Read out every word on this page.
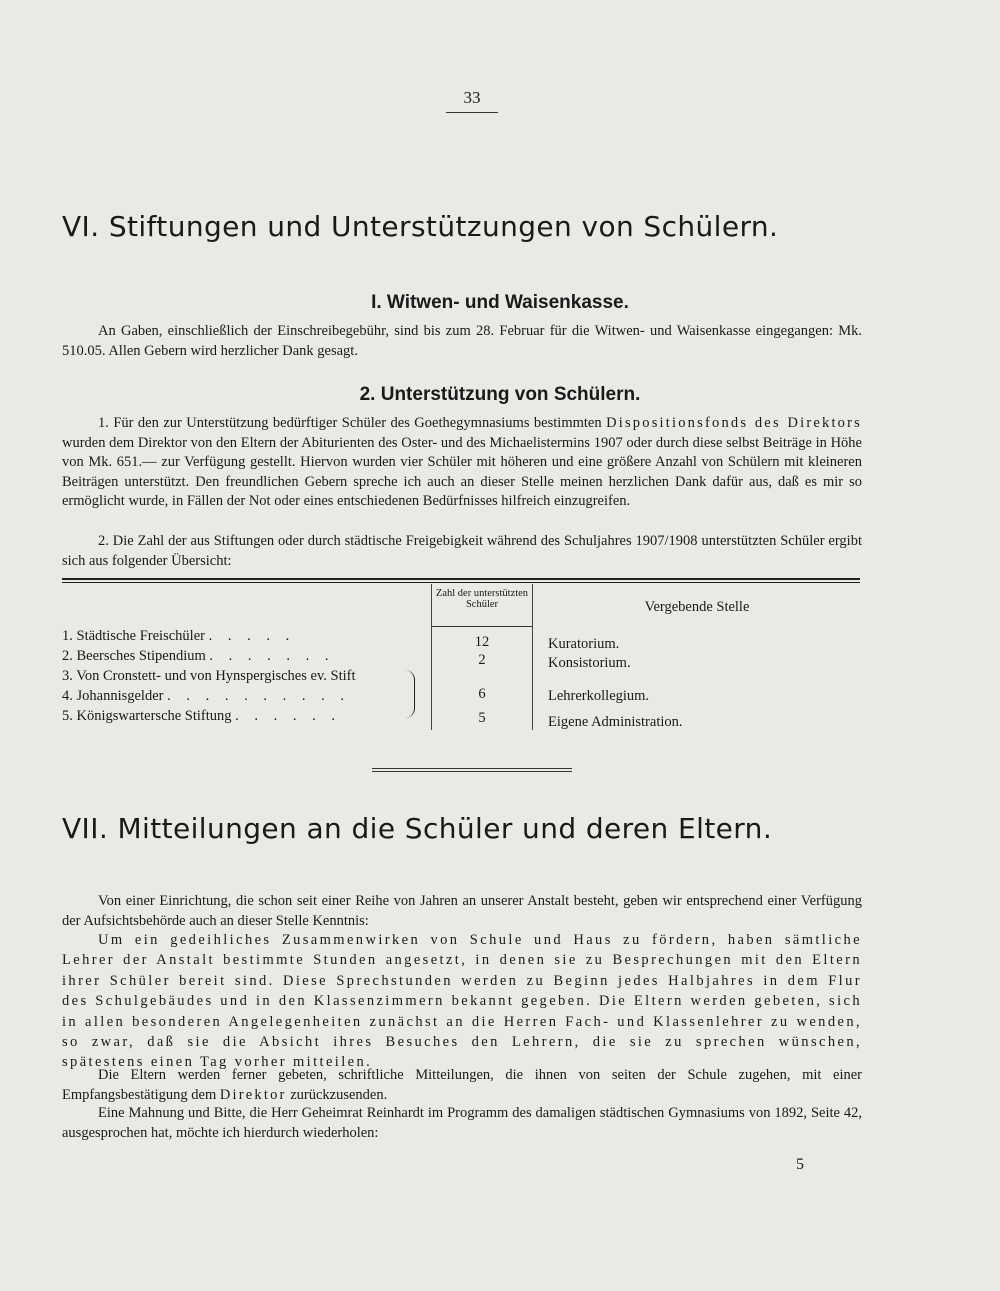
33
VI. Stiftungen und Unterstützungen von Schülern.
I. Witwen- und Waisenkasse.

An Gaben, einschließlich der Einschreibegebühr, sind bis zum 28. Februar für die Witwen- und Waisenkasse eingegangen: Mk. 510.05. Allen Gebern wird herzlicher Dank gesagt.

2. Unterstützung von Schülern.

1. Für den zur Unterstützung bedürftiger Schüler des Goethegymnasiums bestimmten Dispositionsfonds des Direktors wurden dem Direktor von den Eltern der Abiturienten des Oster- und des Michaelistermins 1907 oder durch diese selbst Beiträge in Höhe von Mk. 651.— zur Verfügung gestellt. Hiervon wurden vier Schüler mit höheren und eine größere Anzahl von Schülern mit kleineren Beiträgen unterstützt. Den freundlichen Gebern spreche ich auch an dieser Stelle meinen herzlichen Dank dafür aus, daß es mir so ermöglicht wurde, in Fällen der Not oder eines entschiedenen Bedürfnisses hilfreich einzugreifen.

2. Die Zahl der aus Stiftungen oder durch städtische Freigebigkeit während des Schuljahres 1907/1908 unterstützten Schüler ergibt sich aus folgender Übersicht:

Zahl der unterstützten Schüler	Vergebende Stelle
1. Städtische Freischüler . . . . .	12	Kuratorium.
2. Beersches Stipendium . . . . . . .	2	Konsistorium.
3. Von Cronstett- und von Hynspergisches ev. Stift
4. Johannisgelder . . . . . . . . . .	6	Lehrerkollegium.
5. Königswartersche Stiftung . . . . . .	5	Eigene Administration.
VII. Mitteilungen an die Schüler und deren Eltern.

Von einer Einrichtung, die schon seit einer Reihe von Jahren an unserer Anstalt besteht, geben wir entsprechend einer Verfügung der Aufsichtsbehörde auch an dieser Stelle Kenntnis:

Um ein gedeihliches Zusammenwirken von Schule und Haus zu fördern, haben sämtliche Lehrer der Anstalt bestimmte Stunden angesetzt, in denen sie zu Besprechungen mit den Eltern ihrer Schüler bereit sind. Diese Sprechstunden werden zu Beginn jedes Halbjahres in dem Flur des Schulgebäudes und in den Klassenzimmern bekannt gegeben. Die Eltern werden gebeten, sich in allen besonderen Angelegenheiten zunächst an die Herren Fach- und Klassenlehrer zu wenden, so zwar, daß sie die Absicht ihres Besuches den Lehrern, die sie zu sprechen wünschen, spätestens einen Tag vorher mitteilen.

Die Eltern werden ferner gebeten, schriftliche Mitteilungen, die ihnen von seiten der Schule zugehen, mit einer Empfangsbestätigung dem Direktor zurückzusenden.

Eine Mahnung und Bitte, die Herr Geheimrat Reinhardt im Programm des damaligen städtischen Gymnasiums von 1892, Seite 42, ausgesprochen hat, möchte ich hierdurch wiederholen:

5
